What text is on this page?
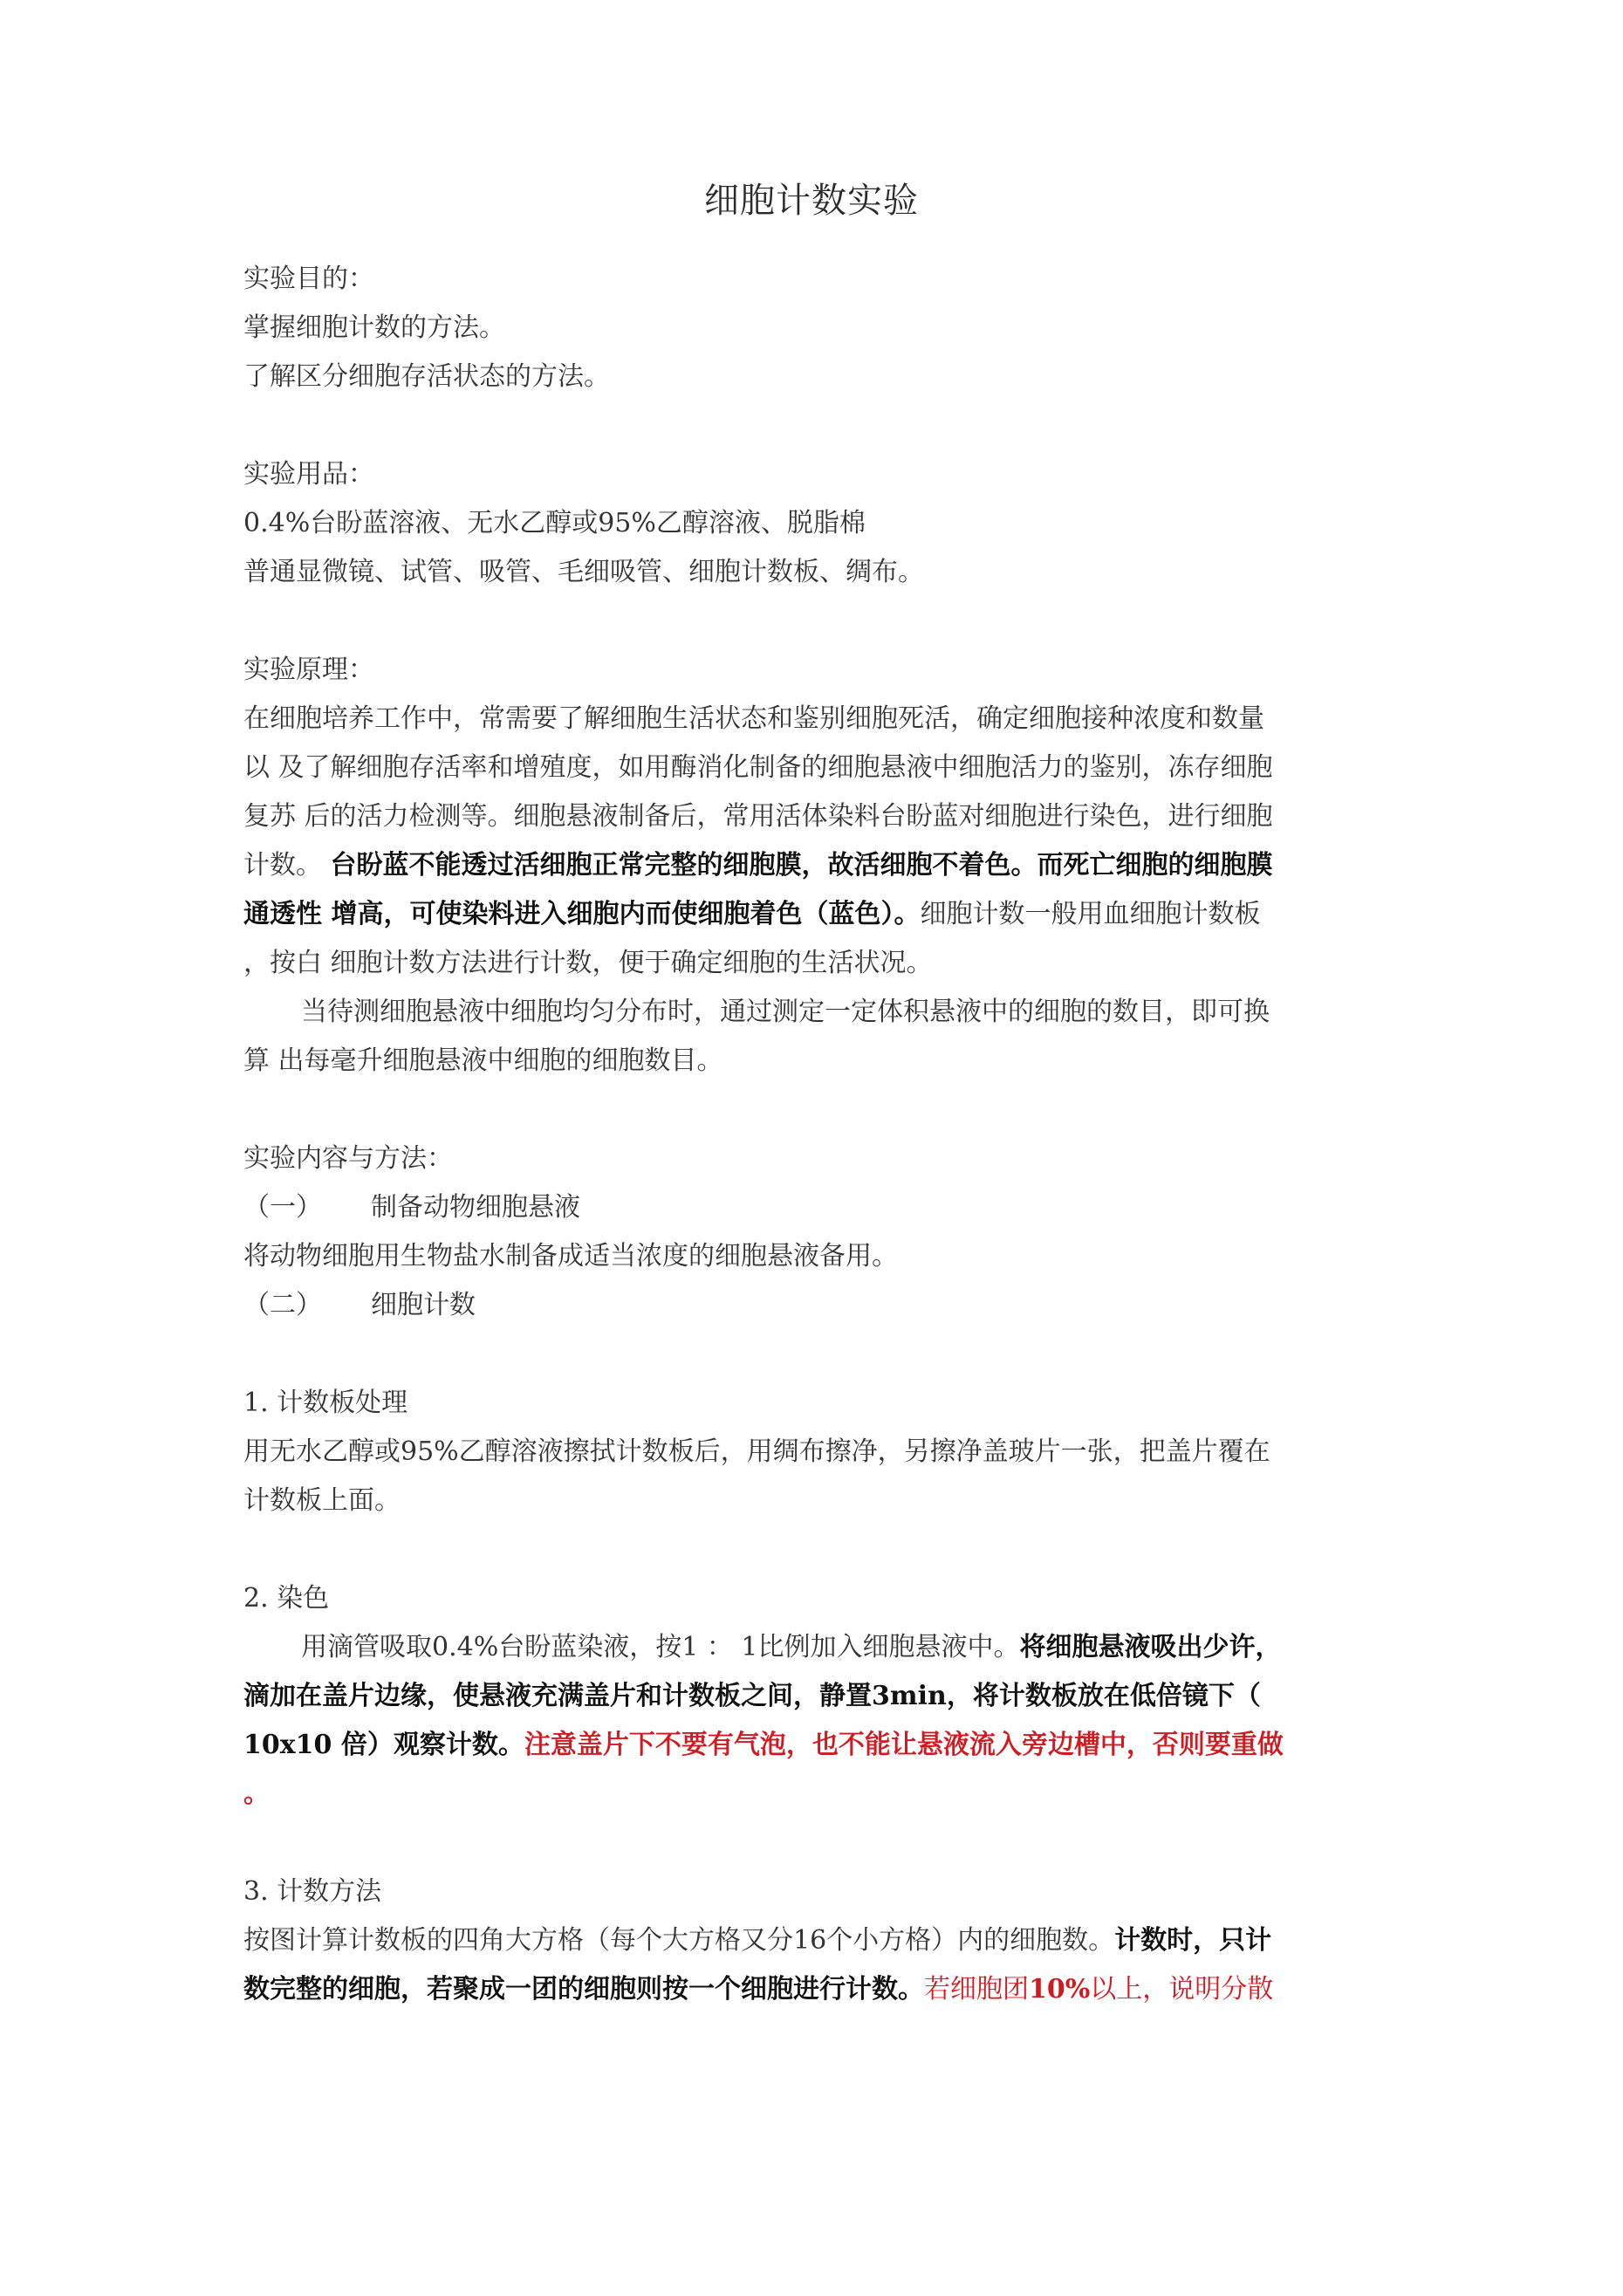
细胞计数实验

实验目的：

掌握细胞计数的方法。

了解区分细胞存活状态的方法。

实验用品：

0.4%台盼蓝溶液、无水乙醇或95%乙醇溶液、脱脂棉

普通显微镜、试管、吸管、毛细吸管、细胞计数板、绸布。

实验原理：

在细胞培养工作中，常需要了解细胞生活状态和鉴别细胞死活，确定细胞接种浓度和数量

以 及了解细胞存活率和增殖度，如用酶消化制备的细胞悬液中细胞活力的鉴别，冻存细胞

复苏 后的活力检测等。细胞悬液制备后，常用活体染料台盼蓝对细胞进行染色，进行细胞

计数。 台盼蓝不能透过活细胞正常完整的细胞膜，故活细胞不着色。而死亡细胞的细胞膜

通透性 增高，可使染料进入细胞内而使细胞着色（蓝色）。细胞计数一般用血细胞计数板

，按白 细胞计数方法进行计数，便于确定细胞的生活状况。

当待测细胞悬液中细胞均匀分布时，通过测定一定体积悬液中的细胞的数目，即可换

算 出每毫升细胞悬液中细胞的细胞数目。

实验内容与方法：

（一） 制备动物细胞悬液

将动物细胞用生物盐水制备成适当浓度的细胞悬液备用。

（二） 细胞计数

1. 计数板处理

用无水乙醇或95%乙醇溶液擦拭计数板后，用绸布擦净，另擦净盖玻片一张，把盖片覆在

计数板上面。

2. 染色

用滴管吸取0.4%台盼蓝染液，按1 ： 1比例加入细胞悬液中。将细胞悬液吸出少许，

滴加在盖片边缘，使悬液充满盖片和计数板之间，静置3min，将计数板放在低倍镜下（

10x10 倍）观察计数。注意盖片下不要有气泡，也不能让悬液流入旁边槽中，否则要重做

。

3. 计数方法

按图计算计数板的四角大方格（每个大方格又分16个小方格）内的细胞数。计数时，只计

数完整的细胞，若聚成一团的细胞则按一个细胞进行计数。若细胞团10%以上，说明分散
